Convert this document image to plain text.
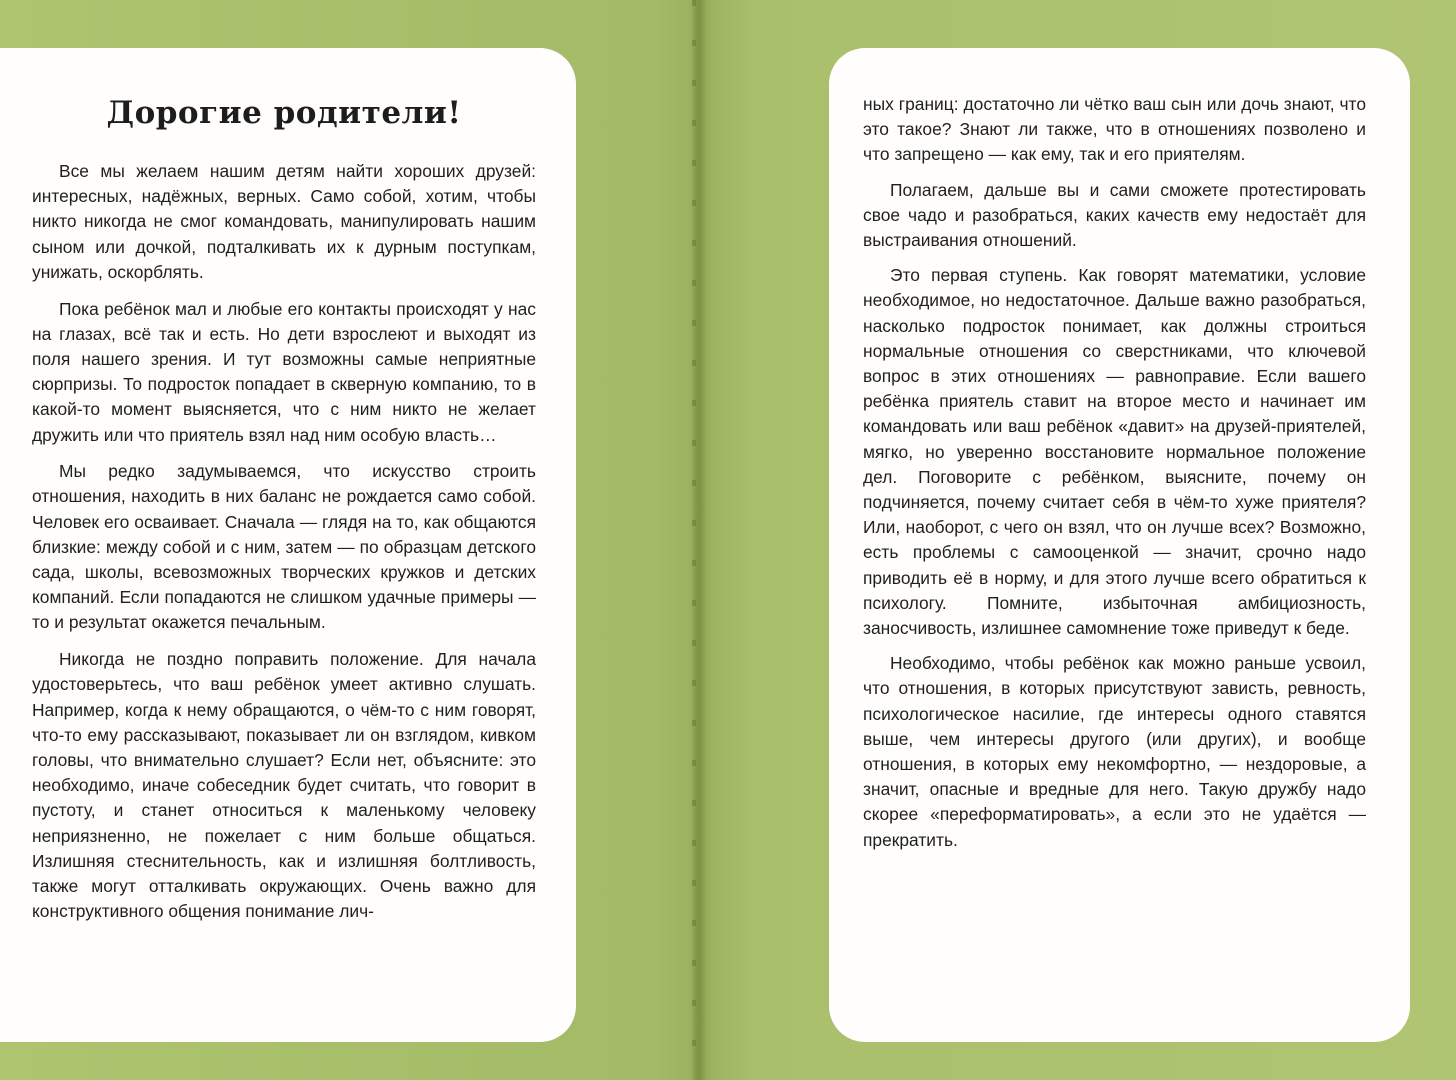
Дорогие родители!

Все мы желаем нашим детям найти хороших друзей: интересных, надёжных, верных. Само собой, хотим, чтобы никто никогда не смог командовать, манипулировать нашим сыном или дочкой, подталкивать их к дурным поступкам, унижать, оскорблять.

Пока ребёнок мал и любые его контакты происходят у нас на глазах, всё так и есть. Но дети взрослеют и выходят из поля нашего зрения. И тут возможны самые неприятные сюрпризы. То подросток попадает в скверную компанию, то в какой-то момент выясняется, что с ним никто не желает дружить или что приятель взял над ним особую власть…

Мы редко задумываемся, что искусство строить отношения, находить в них баланс не рождается само собой. Человек его осваивает. Сначала — глядя на то, как общаются близкие: между собой и с ним, затем — по образцам детского сада, школы, всевозможных творческих кружков и детских компаний. Если попадаются не слишком удачные примеры — то и результат окажется печальным.

Никогда не поздно поправить положение. Для начала удостоверьтесь, что ваш ребёнок умеет активно слушать. Например, когда к нему обращаются, о чём-то с ним говорят, что-то ему рассказывают, показывает ли он взглядом, кивком головы, что внимательно слушает? Если нет, объясните: это необходимо, иначе собеседник будет считать, что говорит в пустоту, и станет относиться к маленькому человеку неприязненно, не пожелает с ним больше общаться. Излишняя стеснительность, как и излишняя болтливость, также могут отталкивать окружающих. Очень важно для конструктивного общения понимание лич-

ных границ: достаточно ли чётко ваш сын или дочь знают, что это такое? Знают ли также, что в отношениях позволено и что запрещено — как ему, так и его приятелям.

Полагаем, дальше вы и сами сможете протестировать свое чадо и разобраться, каких качеств ему недостаёт для выстраивания отношений.

Это первая ступень. Как говорят математики, условие необходимое, но недостаточное. Дальше важно разобраться, насколько подросток понимает, как должны строиться нормальные отношения со сверстниками, что ключевой вопрос в этих отношениях — равноправие. Если вашего ребёнка приятель ставит на второе место и начинает им командовать или ваш ребёнок «давит» на друзей-приятелей, мягко, но уверенно восстановите нормальное положение дел. Поговорите с ребёнком, выясните, почему он подчиняется, почему считает себя в чём-то хуже приятеля? Или, наоборот, с чего он взял, что он лучше всех? Возможно, есть проблемы с самооценкой — значит, срочно надо приводить её в норму, и для этого лучше всего обратиться к психологу. Помните, избыточная амбициозность, заносчивость, излишнее самомнение тоже приведут к беде.

Необходимо, чтобы ребёнок как можно раньше усвоил, что отношения, в которых присутствуют зависть, ревность, психологическое насилие, где интересы одного ставятся выше, чем интересы другого (или других), и вообще отношения, в которых ему некомфортно, — нездоровые, а значит, опасные и вредные для него. Такую дружбу надо скорее «переформатировать», а если это не удаётся — прекратить.
